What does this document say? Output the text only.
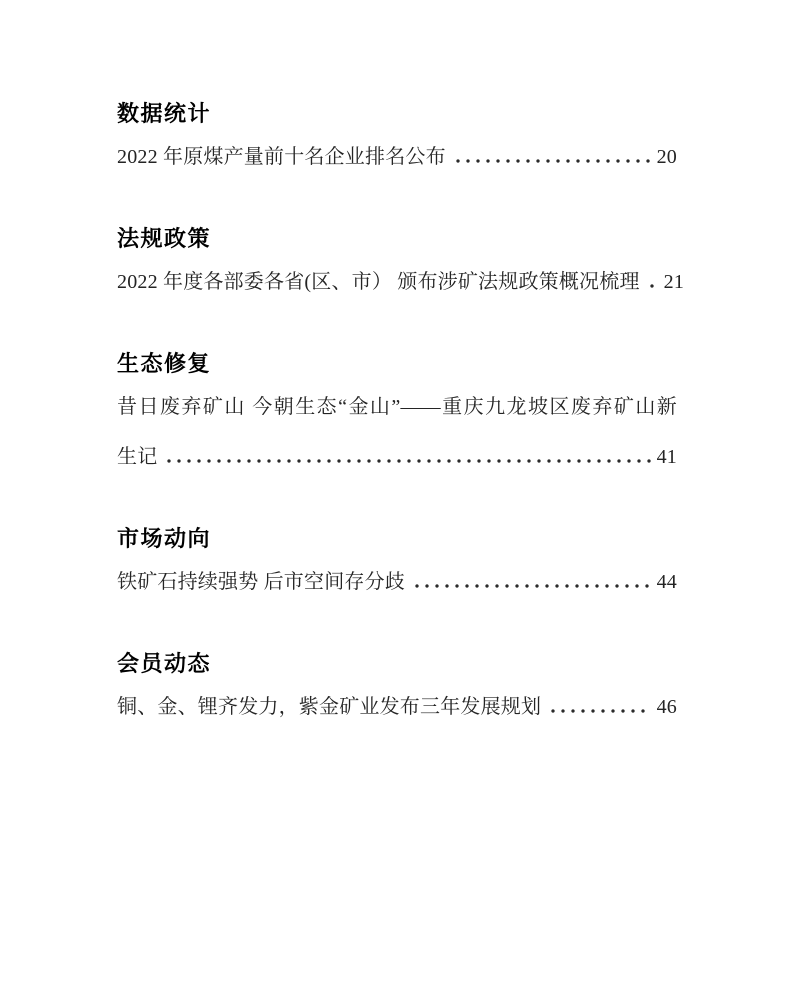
数据统计
2022 年原煤产量前十名企业排名公布	20
法规政策
2022 年度各部委各省(区、市） 颁布涉矿法规政策概况梳理 21
生态修复
昔日废弃矿山 今朝生态“金山”——重庆九龙坡区废弃矿山新
生记	41
市场动向
铁矿石持续强势 后市空间存分歧	44
会员动态
铜、金、锂齐发力，紫金矿业发布三年发展规划	46
